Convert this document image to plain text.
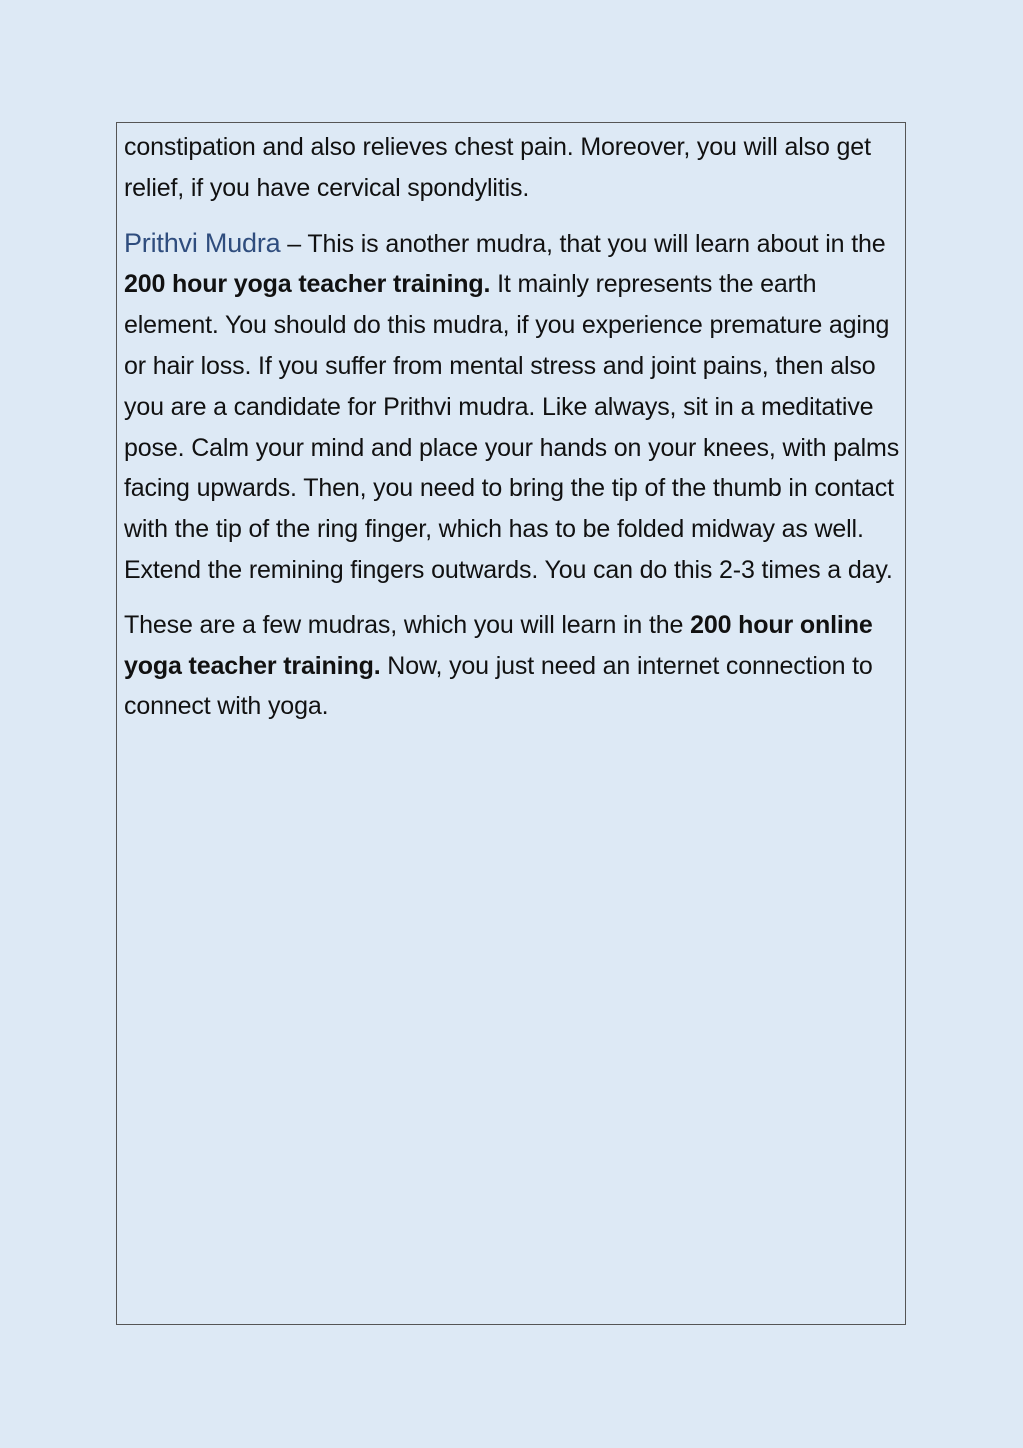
constipation and also relieves chest pain. Moreover, you will also get relief, if you have cervical spondylitis.

Prithvi Mudra – This is another mudra, that you will learn about in the 200 hour yoga teacher training. It mainly represents the earth element. You should do this mudra, if you experience premature aging or hair loss. If you suffer from mental stress and joint pains, then also you are a candidate for Prithvi mudra. Like always, sit in a meditative pose. Calm your mind and place your hands on your knees, with palms facing upwards. Then, you need to bring the tip of the thumb in contact with the tip of the ring finger, which has to be folded midway as well. Extend the remining fingers outwards. You can do this 2-3 times a day.

These are a few mudras, which you will learn in the 200 hour online yoga teacher training. Now, you just need an internet connection to connect with yoga.
